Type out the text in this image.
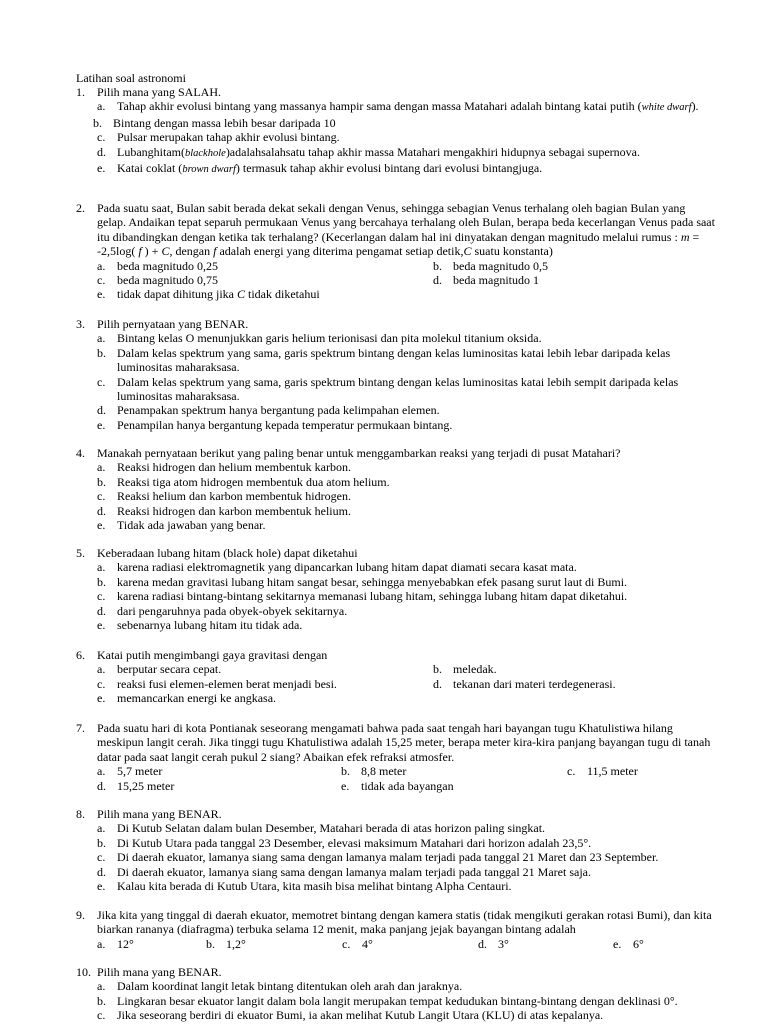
Latihan soal astronomi
1.	Pilih mana yang SALAH.
a. Tahap akhir evolusi bintang yang massanya hampir sama dengan massa Matahari adalah bintang katai putih (white dwarf).
b. Bintang dengan massa lebih besar daripada 10
c. Pulsar merupakan tahap akhir evolusi bintang.
d. Lubanghitam(blackhole)adalahsalahsatu tahap akhir massa Matahari mengakhiri hidupnya sebagai supernova.
e. Katai coklat (brown dwarf) termasuk tahap akhir evolusi bintang dari evolusi bintangjuga.
2.	Pada suatu saat, Bulan sabit berada dekat sekali dengan Venus, sehingga sebagian Venus terhalang oleh bagian Bulan yang gelap. Andaikan tepat separuh permukaan Venus yang bercahaya terhalang oleh Bulan, berapa beda kecerlangan Venus pada saat itu dibandingkan dengan ketika tak terhalang? (Kecerlangan dalam hal ini dinyatakan dengan magnitudo melalui rumus : m = -2,5log( f ) + C, dengan f adalah energi yang diterima pengamat setiap detik,C suatu konstanta)
a. beda magnitudo 0,25	b. beda magnitudo 0,5
c. beda magnitudo 0,75	d. beda magnitudo 1
e. tidak dapat dihitung jika C tidak diketahui
3.	Pilih pernyataan yang BENAR.
a. Bintang kelas O menunjukkan garis helium terionisasi dan pita molekul titanium oksida.
b. Dalam kelas spektrum yang sama, garis spektrum bintang dengan kelas luminositas katai lebih lebar daripada kelas luminositas maharaksasa.
c. Dalam kelas spektrum yang sama, garis spektrum bintang dengan kelas luminositas katai lebih sempit daripada kelas luminositas maharaksasa.
d. Penampakan spektrum hanya bergantung pada kelimpahan elemen.
e. Penampilan hanya bergantung kepada temperatur permukaan bintang.
4.	Manakah pernyataan berikut yang paling benar untuk menggambarkan reaksi yang terjadi di pusat Matahari?
a. Reaksi hidrogen dan helium membentuk karbon.
b. Reaksi tiga atom hidrogen membentuk dua atom helium.
c. Reaksi helium dan karbon membentuk hidrogen.
d. Reaksi hidrogen dan karbon membentuk helium.
e. Tidak ada jawaban yang benar.
5.	Keberadaan lubang hitam (black hole) dapat diketahui
a. karena radiasi elektromagnetik yang dipancarkan lubang hitam dapat diamati secara kasat mata.
b. karena medan gravitasi lubang hitam sangat besar, sehingga menyebabkan efek pasang surut laut di Bumi.
c. karena radiasi bintang-bintang sekitarnya memanasi lubang hitam, sehingga lubang hitam dapat diketahui.
d. dari pengaruhnya pada obyek-obyek sekitarnya.
e. sebenarnya lubang hitam itu tidak ada.
6.	Katai putih mengimbangi gaya gravitasi dengan
a. berputar secara cepat.	b. meledak.
c. reaksi fusi elemen-elemen berat menjadi besi.	d. tekanan dari materi terdegenerasi.
e. memancarkan energi ke angkasa.
7.	Pada suatu hari di kota Pontianak seseorang mengamati bahwa pada saat tengah hari bayangan tugu Khatulistiwa hilang meskipun langit cerah. Jika tinggi tugu Khatulistiwa adalah 15,25 meter, berapa meter kira-kira panjang bayangan tugu di tanah datar pada saat langit cerah pukul 2 siang? Abaikan efek refraksi atmosfer.
a. 5,7 meter	b. 8,8 meter	c. 11,5 meter
d. 15,25 meter	e. tidak ada bayangan
8.	Pilih mana yang BENAR.
a. Di Kutub Selatan dalam bulan Desember, Matahari berada di atas horizon paling singkat.
b. Di Kutub Utara pada tanggal 23 Desember, elevasi maksimum Matahari dari horizon adalah 23,5°.
c. Di daerah ekuator, lamanya siang sama dengan lamanya malam terjadi pada tanggal 21 Maret dan 23 September.
d. Di daerah ekuator, lamanya siang sama dengan lamanya malam terjadi pada tanggal 21 Maret saja.
e. Kalau kita berada di Kutub Utara, kita masih bisa melihat bintang Alpha Centauri.
9.	Jika kita yang tinggal di daerah ekuator, memotret bintang dengan kamera statis (tidak mengikuti gerakan rotasi Bumi), dan kita biarkan rananya (diafragma) terbuka selama 12 menit, maka panjang jejak bayangan bintang adalah
a. 12°	b. 1,2°	c. 4°	d. 3°	e. 6°
10. Pilih mana yang BENAR.
a. Dalam koordinat langit letak bintang ditentukan oleh arah dan jaraknya.
b. Lingkaran besar ekuator langit dalam bola langit merupakan tempat kedudukan bintang-bintang dengan deklinasi 0°.
c. Jika seseorang berdiri di ekuator Bumi, ia akan melihat Kutub Langit Utara (KLU) di atas kepalanya.
